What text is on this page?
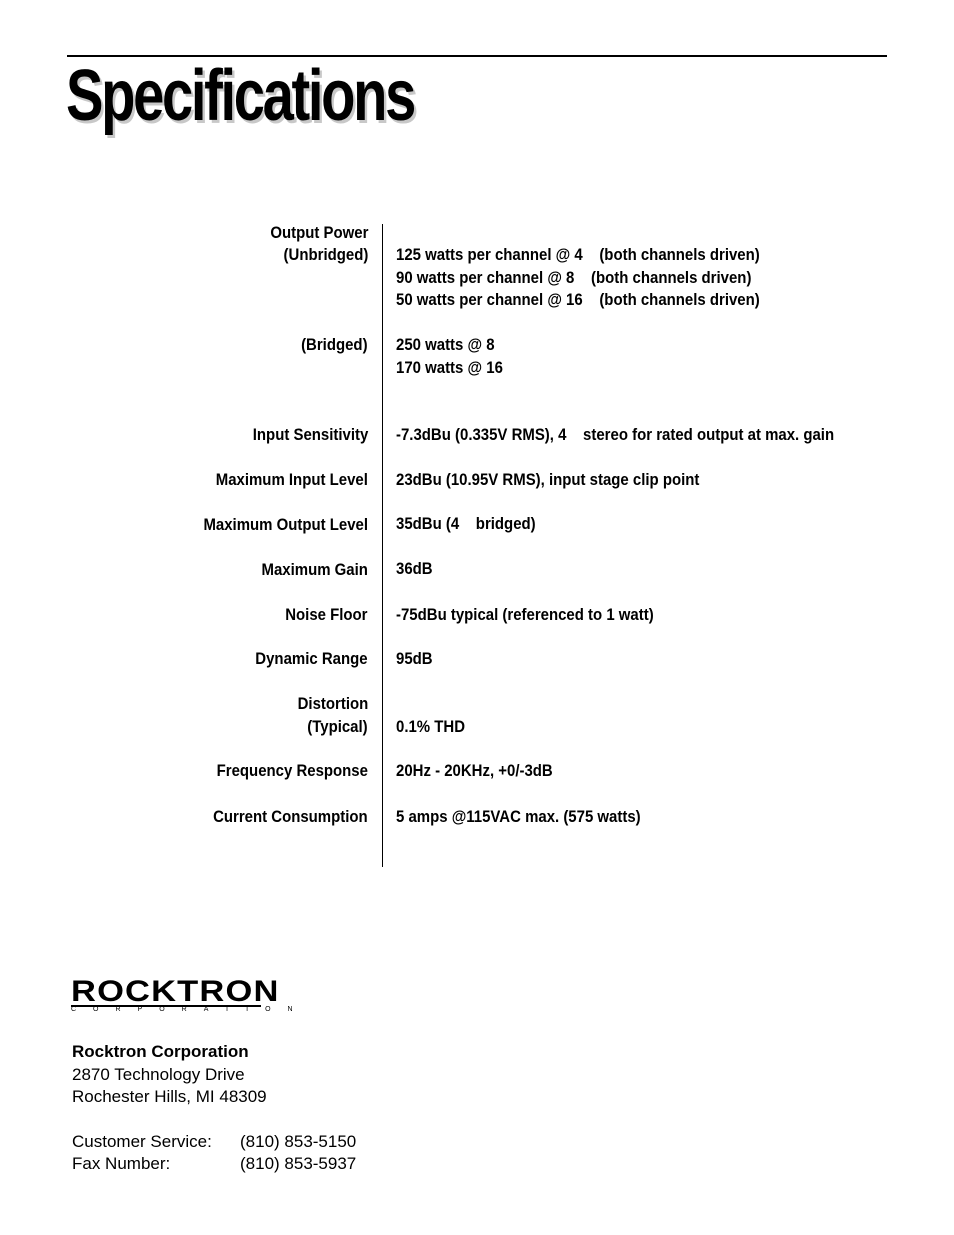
Specifications
Output Power
(Unbridged) 125 watts per channel @ 4    (both channels driven)
90 watts per channel @ 8    (both channels driven)
50 watts per channel @ 16    (both channels driven)
(Bridged) 250 watts @ 8
170 watts @ 16
Input Sensitivity -7.3dBu (0.335V RMS), 4    stereo for rated output at max. gain
Maximum Input Level 23dBu (10.95V RMS), input stage clip point
Maximum Output Level 35dBu (4    bridged)
Maximum Gain 36dB
Noise Floor -75dBu typical (referenced to 1 watt)
Dynamic Range 95dB
Distortion
(Typical) 0.1% THD
Frequency Response 20Hz - 20KHz, +0/-3dB
Current Consumption 5 amps @115VAC max. (575 watts)
ROCKTRON
CORPORATION
Rocktron Corporation
2870 Technology Drive
Rochester Hills, MI 48309
Customer Service: (810) 853-5150
Fax Number:	(810) 853-5937
